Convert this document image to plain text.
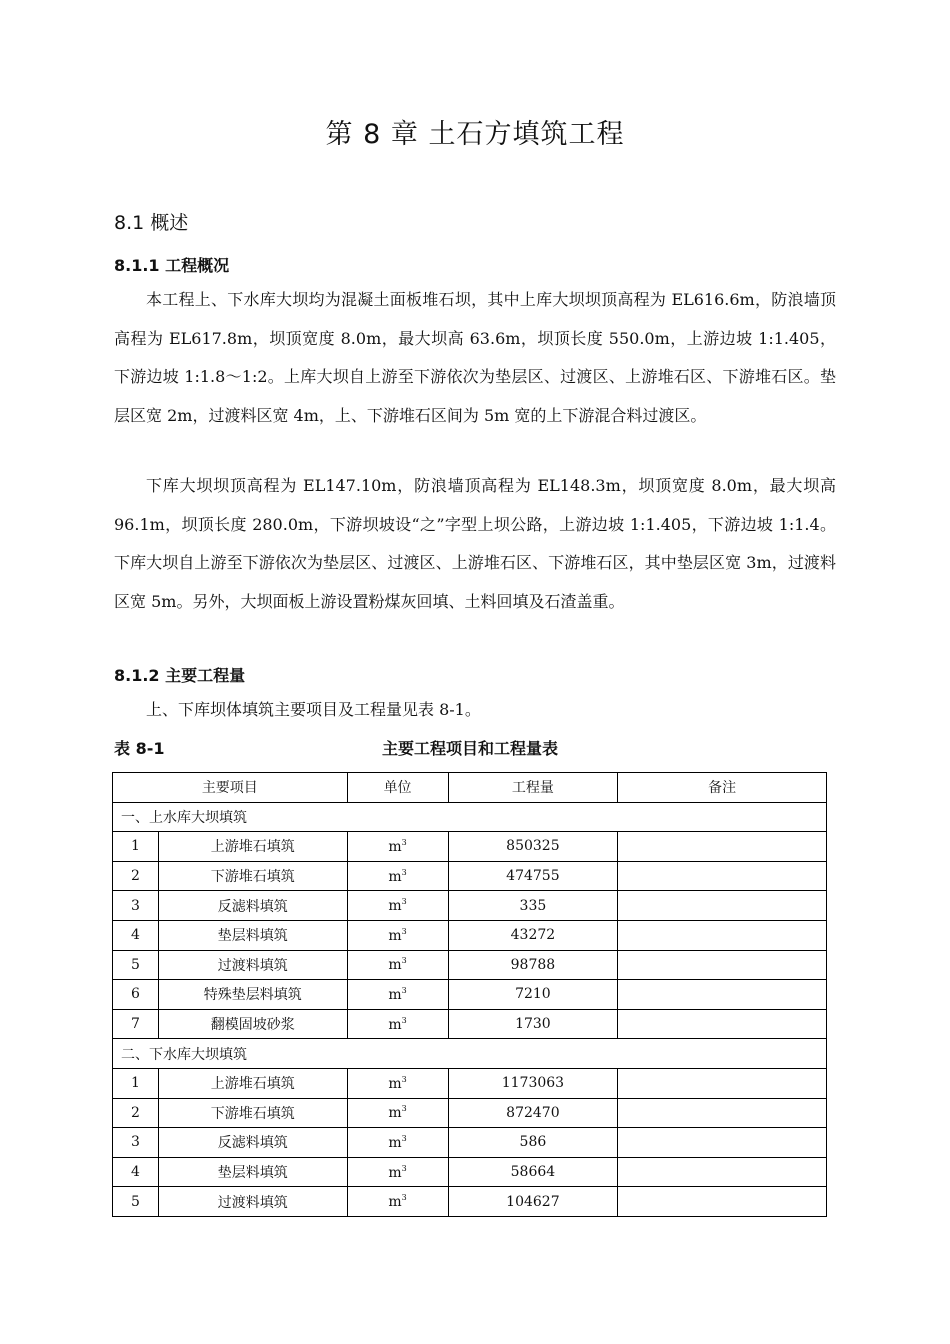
第 8 章 土石方填筑工程
8.1 概述
8.1.1 工程概况

本工程上、下水库大坝均为混凝土面板堆石坝，其中上库大坝坝顶高程为 EL616.6m，防浪墙顶高程为 EL617.8m，坝顶宽度 8.0m，最大坝高 63.6m，坝顶长度 550.0m，上游边坡 1:1.405，下游边坡 1:1.8～1:2。上库大坝自上游至下游依次为垫层区、过渡区、上游堆石区、下游堆石区。垫层区宽 2m，过渡料区宽 4m，上、下游堆石区间为 5m 宽的上下游混合料过渡区。

下库大坝坝顶高程为 EL147.10m，防浪墙顶高程为 EL148.3m，坝顶宽度 8.0m，最大坝高 96.1m，坝顶长度 280.0m，下游坝坡设“之”字型上坝公路，上游边坡 1:1.405，下游边坡 1:1.4。下库大坝自上游至下游依次为垫层区、过渡区、上游堆石区、下游堆石区，其中垫层区宽 3m，过渡料区宽 5m。另外，大坝面板上游设置粉煤灰回填、土料回填及石渣盖重。

8.1.2 主要工程量

上、下库坝体填筑主要项目及工程量见表 8-1。

表 8-1	主要工程项目和工程量表
主要项目		单位	工程量	备注
一、上水库大坝填筑				
1	上游堆石填筑	$m^3$	850325	
2	下游堆石填筑	$m^3$	474755	
3	反滤料填筑	$m^3$	335	
4	垫层料填筑	$m^3$	43272	
5	过渡料填筑	$m^3$	98788	
6	特殊垫层料填筑	$m^3$	7210	
7	翻模固坡砂浆	$m^3$	1730	
二、下水库大坝填筑				
1	上游堆石填筑	$m^3$	1173063	
2	下游堆石填筑	$m^3$	872470	
3	反滤料填筑	$m^3$	586	
4	垫层料填筑	$m^3$	58664	
5	过渡料填筑	$m^3$	104627	
